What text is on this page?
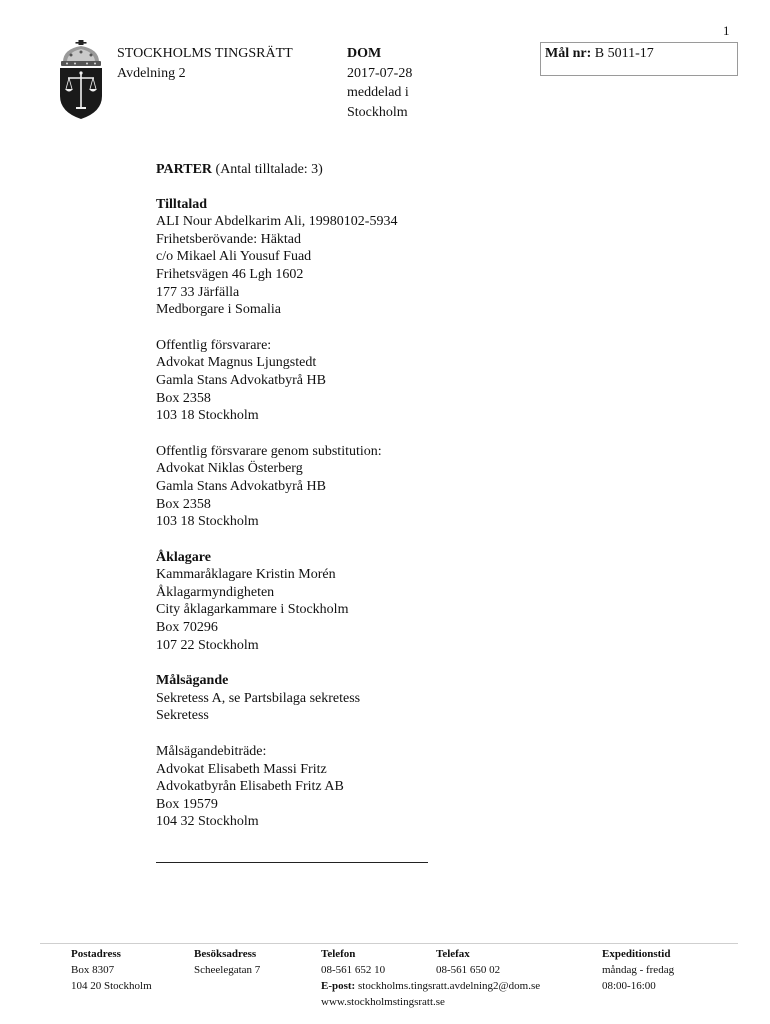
1
STOCKHOLMS TINGSRÄTT
Avdelning 2
DOM
2017-07-28
meddelad i
Stockholm
Mål nr: B 5011-17
PARTER (Antal tilltalade: 3)
Tilltalad
ALI Nour Abdelkarim Ali, 19980102-5934
Frihetsberövande: Häktad
c/o Mikael Ali Yousuf Fuad
Frihetsvägen 46 Lgh 1602
177 33 Järfälla
Medborgare i Somalia
Offentlig försvarare:
Advokat Magnus Ljungstedt
Gamla Stans Advokatbyrå HB
Box 2358
103 18 Stockholm
Offentlig försvarare genom substitution:
Advokat Niklas Österberg
Gamla Stans Advokatbyrå HB
Box 2358
103 18 Stockholm
Åklagare
Kammaråklagare Kristin Morén
Åklagarmyndigheten
City åklagarkammare i Stockholm
Box 70296
107 22 Stockholm
Målsägande
Sekretess A, se Partsbilaga sekretess
Sekretess
Målsägandebiträde:
Advokat Elisabeth Massi Fritz
Advokatbyrån Elisabeth Fritz AB
Box 19579
104 32 Stockholm
Postadress
Box 8307
104 20 Stockholm
Besöksadress
Scheelegatan 7
Telefon
08-561 652 10
Telefax
08-561 650 02
E-post: stockholms.tingsratt.avdelning2@dom.se
www.stockholmstingsratt.se
Expeditionstid
måndag - fredag
08:00-16:00
